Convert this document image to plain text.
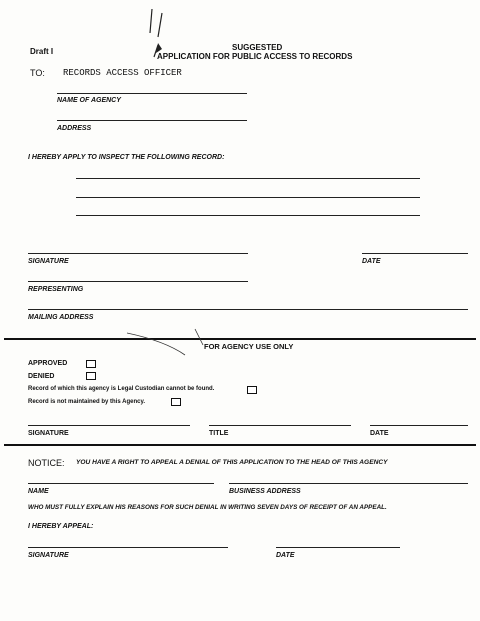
Draft I	SUGGESTED
APPLICATION FOR PUBLIC ACCESS TO RECORDS
TO: RECORDS ACCESS OFFICER
NAME OF AGENCY
ADDRESS
I HEREBY APPLY TO INSPECT THE FOLLOWING RECORD:
SIGNATURE	DATE
REPRESENTING
MAILING ADDRESS
FOR AGENCY USE ONLY
APPROVED
DENIED
Record of which this agency is Legal Custodian cannot be found.
Record is not maintained by this Agency.
SIGNATURE	TITLE	DATE
NOTICE: YOU HAVE A RIGHT TO APPEAL A DENIAL OF THIS APPLICATION TO THE HEAD OF THIS AGENCY
NAME	BUSINESS ADDRESS
WHO MUST FULLY EXPLAIN HIS REASONS FOR SUCH DENIAL IN WRITING SEVEN DAYS OF RECEIPT OF AN APPEAL.
I HEREBY APPEAL:
SIGNATURE	DATE
